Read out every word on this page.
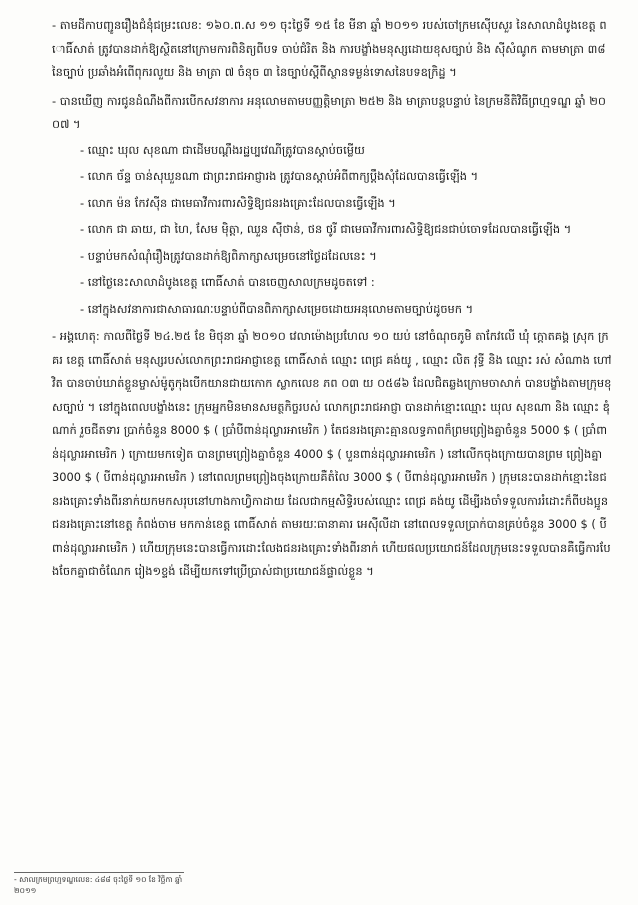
- តាមដីកាបញ្ជូនរឿងជំនុំជម្រះលេខ: ១៦០.ព.ស ១១ ចុះថ្ងៃទី ១៥ ខែ មីនា ឆ្នាំ ២០១១ របស់ចៅក្រមស៊ើបសួរ នៃសាលាដំបូងខេត្ត ពោធិ៍សាត់ ត្រូវបានដាក់ឱ្យស្ថិតនៅក្រោមការពិនិត្យពីបទ ចាប់ជំរិត និង ការបង្ខាំងមនុស្សដោយខុសច្បាប់ និង ស៊ីសំណូក តាមមាត្រា ៣៨ នៃច្បាប់ ប្រឆាំងអំពើពុករលួយ និង មាត្រា ៧ ចំនុច ៣ នៃច្បាប់ស្តីពីស្ថានទម្ងន់ទោសនៃបទឧក្រិដ្ឋ ។

- បានឃើញ ការជូនដំណឹងពីការបើកសវនាការ អនុលោមតាមបញ្ញត្តិមាត្រា ២៥២ និង មាត្រាបន្តបន្ទាប់ នៃក្រមនីតិវិធីព្រហ្មទណ្ឌ ឆ្នាំ ២០០៧ ។

- ឈ្មោះ ឃុល សុខណា ជាដើមបណ្ដឹងរដ្ឋប្បវេណីត្រូវបានស្ដាប់ចម្លើយ

- លោក ច័ន្ទ ចាន់សុឃួនណា ជាព្រះរាជអាជ្ញារង ត្រូវបានស្ដាប់អំពីពាក្យប្ដឹងសុំដែលបានធ្វើឡើង ។

- លោក ម៉ន កែវស៊ីន ជាមេធាវីការពារសិទ្ធិឱ្យជនរងគ្រោះដែលបានធ្វើឡើង ។

- លោក ជា ឆាយ, ជា ហៃ, សែម ម៉ិត្តា, ឈួន ស៊ីថាន់, ថន ថូរី ជាមេធាវីការពារសិទ្ធិឱ្យជនជាប់ចោទដែលបានធ្វើឡើង ។

- បន្ទាប់មកសំណុំរឿងត្រូវបានដាក់ឱ្យពិភាក្សាសម្រេចនៅថ្ងៃដដែលនេះ ។

- នៅថ្ងៃនេះសាលាដំបូងខេត្ត ពោធិ៍សាត់ បានចេញសាលក្រមដូចតទៅ :

- នៅក្នុងសវនាការជាសាធារណៈបន្ទាប់ពីបានពិភាក្សាសម្រេចដោយអនុលោមតាមច្បាប់ដូចមក ។

- អង្គហេតុ: កាលពីថ្ងៃទី ២៤.២៥ ខែ មិថុនា ឆ្នាំ ២០១០ វេលាម៉ោងប្រហែល ១០ យប់ នៅចំណុចភូមិ តាកែវលើ ឃុំ ក្តោតគង្គ ស្រុក ក្រគរ ខេត្ត ពោធិ៍សាត់ មនុស្សរបស់លោកព្រះរាជអាជ្ញាខេត្ត ពោធិ៍សាត់ ឈ្មោះ ពេជ្រ គង់យូ , ឈ្មោះ លិត វុទ្ធី និង ឈ្មោះ រស់ សំណាង ហៅ វិត បានចាប់ឃាត់ខ្លួនម្ចាស់ម៉ូតូកុងបើកយានជាយកោក ស្លាកលេខ ភព ០៣ យ ០៥៨៦ ដែលជិតឆ្លងក្រោមចាសាក់ បានបង្ខាំងតាមក្រុមខុសច្បាប់ ។ នៅក្នុងពេលបង្ខាំងនេះ ក្រុមអ្នកមិនមានសមត្ថកិច្ចរបស់ លោកព្រះរាជអាជ្ញា បានដាក់ខ្មោះឈ្មោះ ឃុល សុខណា និង ឈ្មោះ ឌុំ ណាក់ រួចជីតទារ ប្រាក់ចំនួន 8000 $ ( ប្រាំបីពាន់ដុល្លារអាមេរិក ) តែជនរងគ្រោះគ្មានលទ្ធភាពក៏ព្រមព្រៀងគ្នាចំនួន 5000 $ ( ប្រាំពាន់ដុល្លារអាមេរិក ) ក្រោយមកទៀត បានព្រមព្រៀងគ្នាចំនួន 4000 $ ( បួនពាន់ដុល្លារអាមេរិក ) នៅលើកចុងក្រោយបានព្រម ព្រៀងគ្នា 3000 $ ( បីពាន់ដុល្លារអាមេរិក ) នៅពេលព្រមព្រៀងចុងក្រោយគឺតំលៃ 3000 $ ( បីពាន់ដុល្លារអាមេរិក ) ក្រុមនេះបានដាក់ខ្មោះនៃជនរងគ្រោះទាំងពីរនាក់យកមកសរុបនៅហាងកាហ្វិកាដាយ ដែលជាកម្មសិទ្ធិរបស់ឈ្មោះ ពេជ្រ គង់យូ ដើម្បីរងចាំទទួលការរំដោះក៏ពីបងប្អូនជនរងគ្រោះនៅខេត្ត កំពង់ចាម មកកាន់ខេត្ត ពោធិ៍សាត់ តាមរយៈធានាគារ អេស៊ីលីដា នៅពេលទទួលប្រាក់បានគ្រប់ចំនួន 3000 $ ( បីពាន់ដុល្លារអាមេរិក ) ហើយក្រុមនេះបានធ្វើការដោះលែងជនរងគ្រោះទាំងពីរនាក់ ហើយផលប្រយោជន៍ដែលក្រុមនេះទទួលបានគឺធ្វើការបែងចែកគ្នាជាចំណែក រៀង១ខ្ទង់ ដើម្បីយកទៅប្រើប្រាស់ជាប្រយោជន៍ផ្ទាល់ខ្លួន ។

- សាលក្រមព្រហ្មទណ្ឌលេខ: ៤៨៨ ចុះថ្ងៃទី ១០ ខែ វិច្ឆិកា ឆ្នាំ ២០១១
